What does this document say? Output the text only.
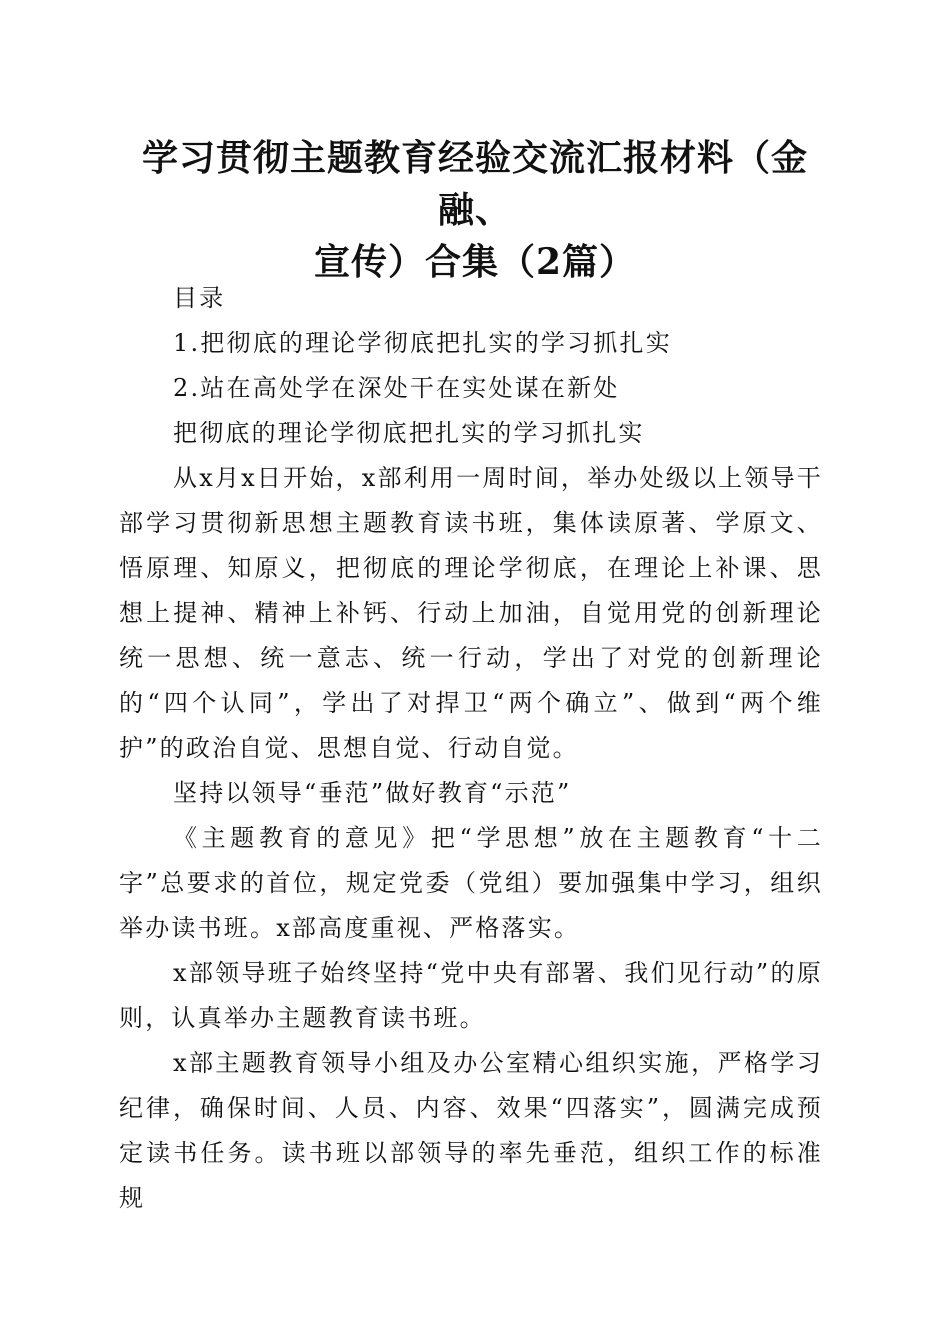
学习贯彻主题教育经验交流汇报材料（金融、
宣传）合集（2篇）

目录

1.把彻底的理论学彻底把扎实的学习抓扎实

2.站在高处学在深处干在实处谋在新处

把彻底的理论学彻底把扎实的学习抓扎实

从x月x日开始，x部利用一周时间，举办处级以上领导干部学习贯彻新思想主题教育读书班，集体读原著、学原文、悟原理、知原义，把彻底的理论学彻底，在理论上补课、思想上提神、精神上补钙、行动上加油，自觉用党的创新理论统一思想、统一意志、统一行动，学出了对党的创新理论的“四个认同”，学出了对捍卫“两个确立”、做到“两个维护”的政治自觉、思想自觉、行动自觉。

坚持以领导“垂范”做好教育“示范”

《主题教育的意见》把“学思想”放在主题教育“十二字”总要求的首位，规定党委（党组）要加强集中学习，组织举办读书班。x部高度重视、严格落实。

x部领导班子始终坚持“党中央有部署、我们见行动”的原则，认真举办主题教育读书班。

x部主题教育领导小组及办公室精心组织实施，严格学习纪律，确保时间、人员、内容、效果“四落实”，圆满完成预定读书任务。读书班以部领导的率先垂范，组织工作的标准规
